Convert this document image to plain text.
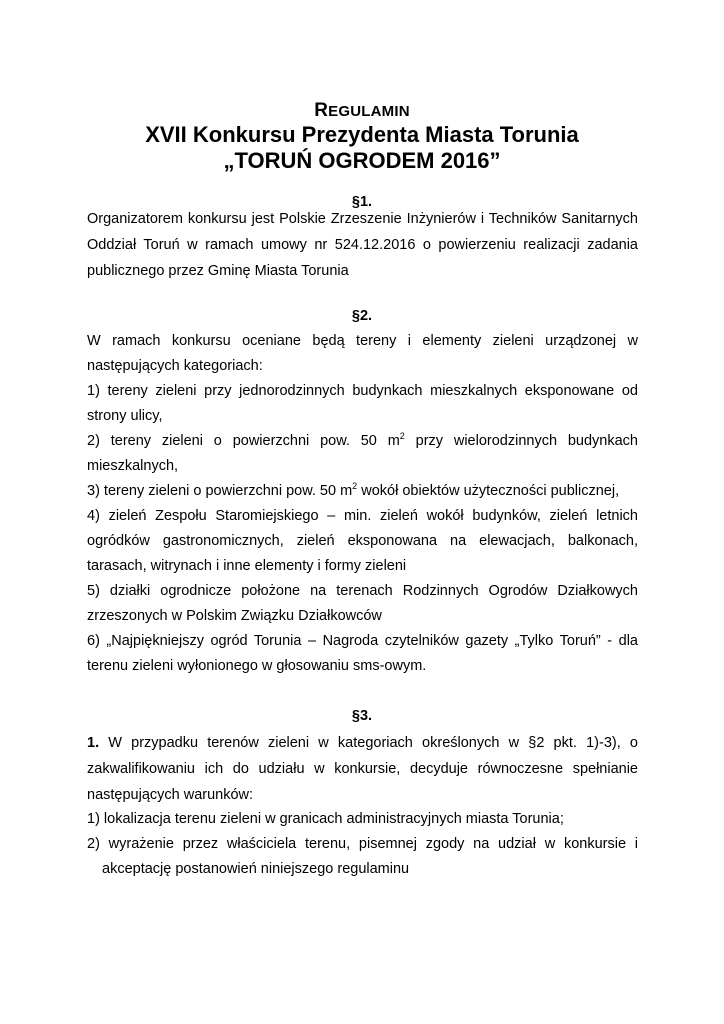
REGULAMIN
XVII Konkursu Prezydenta Miasta Torunia
„TORUŃ OGRODEM 2016”
§1.
Organizatorem konkursu jest Polskie Zrzeszenie Inżynierów i Techników Sanitarnych
Oddział Toruń w ramach umowy nr 524.12.2016 o powierzeniu realizacji zadania
publicznego przez Gminę Miasta Torunia
§2.
W ramach konkursu oceniane będą tereny i elementy zieleni urządzonej w
następujących kategoriach:
1) tereny zieleni przy jednorodzinnych budynkach mieszkalnych eksponowane od
strony ulicy,
2) tereny zieleni o powierzchni pow. 50 $m^2$ przy wielorodzinnych budynkach
mieszkalnych,
3) tereny zieleni o powierzchni pow. 50 $m^2$ wokół obiektów użyteczności publicznej,
4) zieleń Zespołu Staromiejskiego – min. zieleń wokół budynków, zieleń letnich
ogródków gastronomicznych, zieleń eksponowana na elewacjach, balkonach,
tarasach, witrynach i inne elementy i formy zieleni
5) działki ogrodnicze położone na terenach Rodzinnych Ogrodów Działkowych
zrzeszonych w Polskim Związku Działkowców
6) „Najpiękniejszy ogród Torunia – Nagroda czytelników gazety „Tylko Toruń” - dla
terenu zieleni wyłonionego w głosowaniu sms-owym.
§3.
1. W przypadku terenów zieleni w kategoriach określonych w §2 pkt. 1)-3), o
zakwalifikowaniu ich do udziału w konkursie, decyduje równoczesne spełnianie
następujących warunków:
1) lokalizacja terenu zieleni w granicach administracyjnych miasta Torunia;
2) wyrażenie przez właściciela terenu, pisemnej zgody na udział w konkursie i
akceptację postanowień niniejszego regulaminu
